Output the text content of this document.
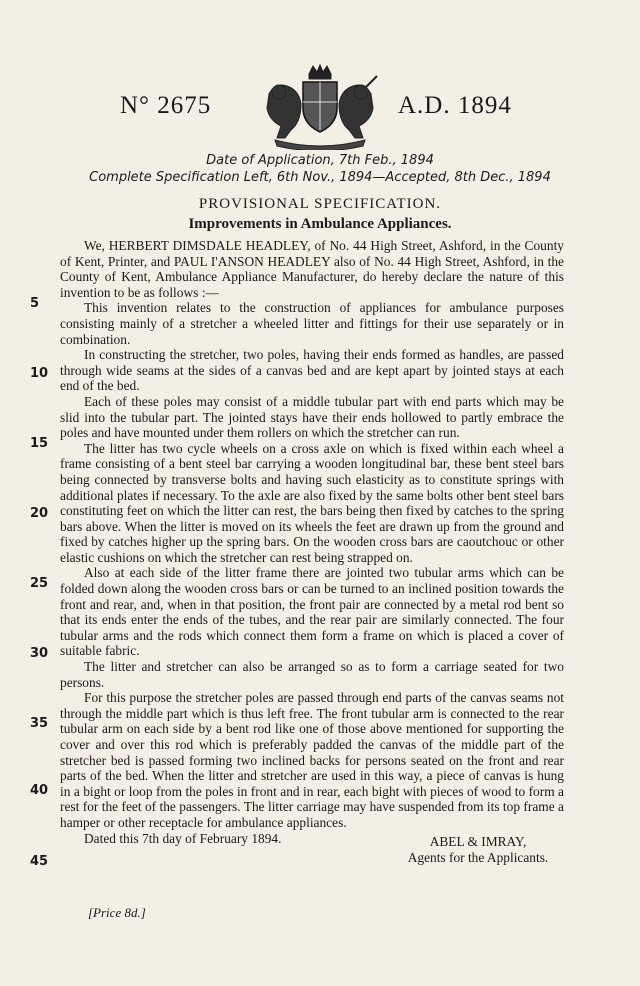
N° 2675	A.D. 1894
Date of Application, 7th Feb., 1894
Complete Specification Left, 6th Nov., 1894—Accepted, 8th Dec., 1894
PROVISIONAL SPECIFICATION.
Improvements in Ambulance Appliances.
5
10
15
20
25
30
35
40
45

We, HERBERT DIMSDALE HEADLEY, of No. 44 High Street, Ashford, in the County of Kent, Printer, and PAUL I'ANSON HEADLEY also of No. 44 High Street, Ashford, in the County of Kent, Ambulance Appliance Manufacturer, do hereby declare the nature of this invention to be as follows :—

This invention relates to the construction of appliances for ambulance purposes consisting mainly of a stretcher a wheeled litter and fittings for their use separately or in combination.

In constructing the stretcher, two poles, having their ends formed as handles, are passed through wide seams at the sides of a canvas bed and are kept apart by jointed stays at each end of the bed.

Each of these poles may consist of a middle tubular part with end parts which may be slid into the tubular part. The jointed stays have their ends hollowed to partly embrace the poles and have mounted under them rollers on which the stretcher can run.

The litter has two cycle wheels on a cross axle on which is fixed within each wheel a frame consisting of a bent steel bar carrying a wooden longitudinal bar, these bent steel bars being connected by transverse bolts and having such elasticity as to constitute springs with additional plates if necessary. To the axle are also fixed by the same bolts other bent steel bars constituting feet on which the litter can rest, the bars being then fixed by catches to the spring bars above. When the litter is moved on its wheels the feet are drawn up from the ground and fixed by catches higher up the spring bars. On the wooden cross bars are caoutchouc or other elastic cushions on which the stretcher can rest being strapped on.

Also at each side of the litter frame there are jointed two tubular arms which can be folded down along the wooden cross bars or can be turned to an inclined position towards the front and rear, and, when in that position, the front pair are connected by a metal rod bent so that its ends enter the ends of the tubes, and the rear pair are similarly connected. The four tubular arms and the rods which connect them form a frame on which is placed a cover of suitable fabric.

The litter and stretcher can also be arranged so as to form a carriage seated for two persons.

For this purpose the stretcher poles are passed through end parts of the canvas seams not through the middle part which is thus left free. The front tubular arm is connected to the rear tubular arm on each side by a bent rod like one of those above mentioned for supporting the cover and over this rod which is preferably padded the canvas of the middle part of the stretcher bed is passed forming two inclined backs for persons seated on the front and rear parts of the bed. When the litter and stretcher are used in this way, a piece of canvas is hung in a bight or loop from the poles in front and in rear, each bight with pieces of wood to form a rest for the feet of the passengers. The litter carriage may have suspended from its top frame a hamper or other receptacle for ambulance appliances.

Dated this 7th day of February 1894.	ABEL & IMRAY,
Agents for the Applicants.
[Price 8d.]
